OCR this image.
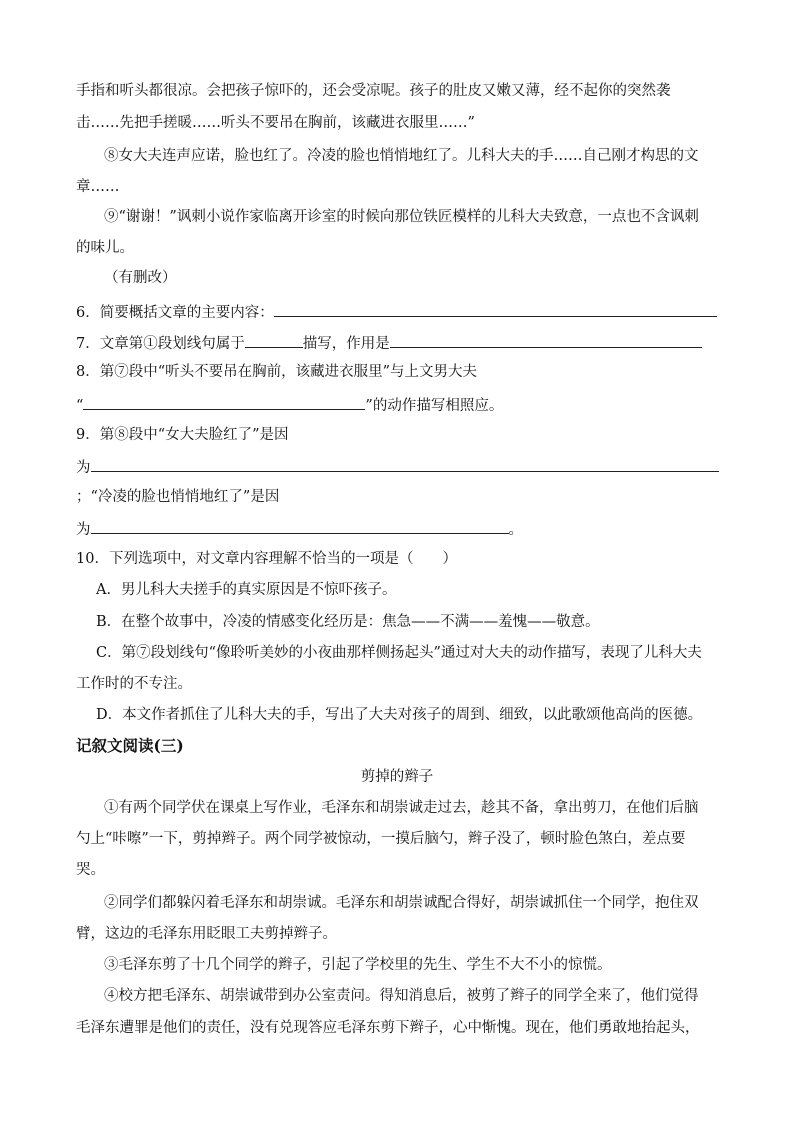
手指和听头都很凉。会把孩子惊吓的，还会受凉呢。孩子的肚皮又嫩又薄，经不起你的突然袭
击……先把手搓暖……听头不要吊在胸前，该藏进衣服里……”
⑧女大夫连声应诺，脸也红了。冷凌的脸也悄悄地红了。儿科大夫的手……自己刚才构思的文
章……
⑨“谢谢！”讽刺小说作家临离开诊室的时候向那位铁匠模样的儿科大夫致意，一点也不含讽刺
的味儿。
（有删改）
6．简要概括文章的主要内容：
7．文章第①段划线句属于	描写，作用是
8．第⑦段中“听头不要吊在胸前，该藏进衣服里”与上文男大夫
“	”的动作描写相照应。
9．第⑧段中“女大夫脸红了”是因
为
；“冷凌的脸也悄悄地红了”是因
为	。
10．下列选项中，对文章内容理解不恰当的一项是（　　）
A．男儿科大夫搓手的真实原因是不惊吓孩子。
B．在整个故事中，冷凌的情感变化经历是：焦急——不满——羞愧——敬意。
C．第⑦段划线句“像聆听美妙的小夜曲那样侧扬起头”通过对大夫的动作描写，表现了儿科大夫
工作时的不专注。
D．本文作者抓住了儿科大夫的手，写出了大夫对孩子的周到、细致，以此歌颂他高尚的医德。
记叙文阅读(三)
剪掉的辫子
①有两个同学伏在课桌上写作业，毛泽东和胡崇诚走过去，趁其不备，拿出剪刀，在他们后脑
勺上“咔嚓”一下，剪掉辫子。两个同学被惊动，一摸后脑勺，辫子没了，顿时脸色煞白，差点要
哭。
②同学们都躲闪着毛泽东和胡崇诚。毛泽东和胡崇诚配合得好，胡崇诚抓住一个同学，抱住双
臂，这边的毛泽东用眨眼工夫剪掉辫子。
③毛泽东剪了十几个同学的辫子，引起了学校里的先生、学生不大不小的惊慌。
④校方把毛泽东、胡崇诚带到办公室责问。得知消息后，被剪了辫子的同学全来了，他们觉得
毛泽东遭罪是他们的责任，没有兑现答应毛泽东剪下辫子，心中惭愧。现在，他们勇敢地抬起头，
